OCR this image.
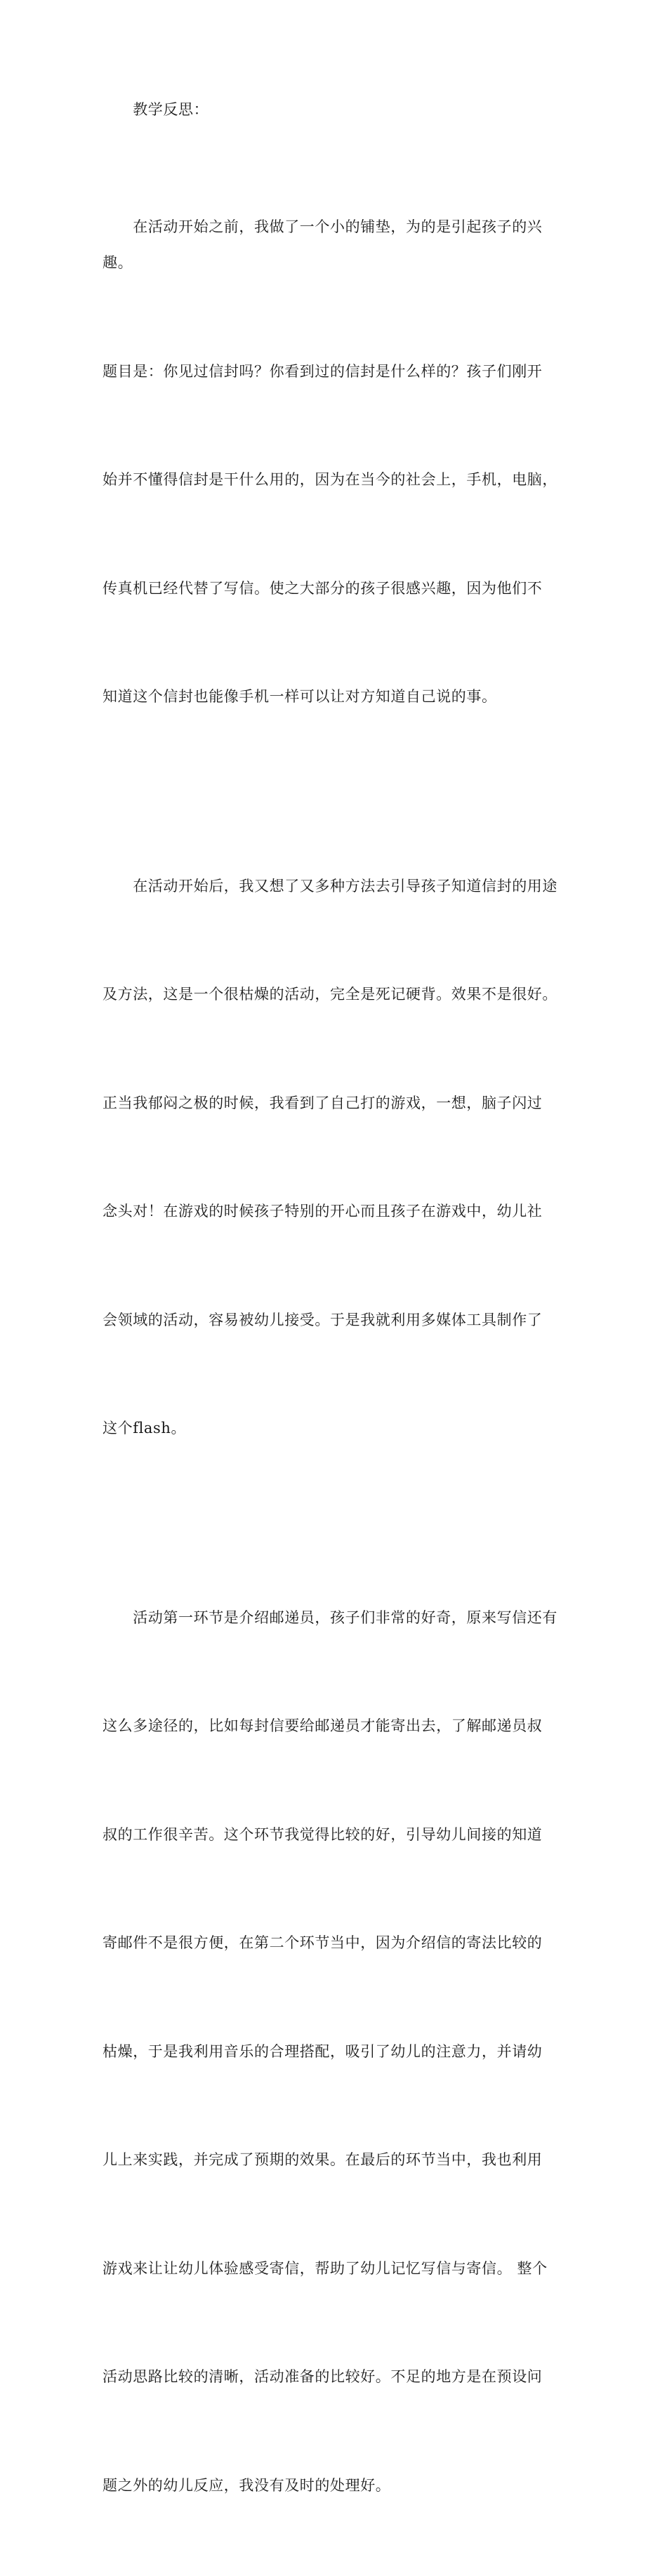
　　教学反思：

　　在活动开始之前，我做了一个小的铺垫，为的是引起孩子的兴趣。

题目是：你见过信封吗？你看到过的信封是什么样的？孩子们刚开

始并不懂得信封是干什么用的，因为在当今的社会上，手机，电脑，

传真机已经代替了写信。使之大部分的孩子很感兴趣，因为他们不

知道这个信封也能像手机一样可以让对方知道自己说的事。

　　在活动开始后，我又想了又多种方法去引导孩子知道信封的用途

及方法，这是一个很枯燥的活动，完全是死记硬背。效果不是很好。

正当我郁闷之极的时候，我看到了自己打的游戏，一想，脑子闪过

念头对！在游戏的时候孩子特别的开心而且孩子在游戏中，幼儿社

会领域的活动，容易被幼儿接受。于是我就利用多媒体工具制作了

这个flash。

　　活动第一环节是介绍邮递员，孩子们非常的好奇，原来写信还有

这么多途径的，比如每封信要给邮递员才能寄出去，了解邮递员叔

叔的工作很辛苦。这个环节我觉得比较的好，引导幼儿间接的知道

寄邮件不是很方便，在第二个环节当中，因为介绍信的寄法比较的

枯燥，于是我利用音乐的合理搭配，吸引了幼儿的注意力，并请幼

儿上来实践，并完成了预期的效果。在最后的环节当中，我也利用

游戏来让让幼儿体验感受寄信，帮助了幼儿记忆写信与寄信。 整个

活动思路比较的清晰，活动准备的比较好。不足的地方是在预设问

题之外的幼儿反应，我没有及时的处理好。
